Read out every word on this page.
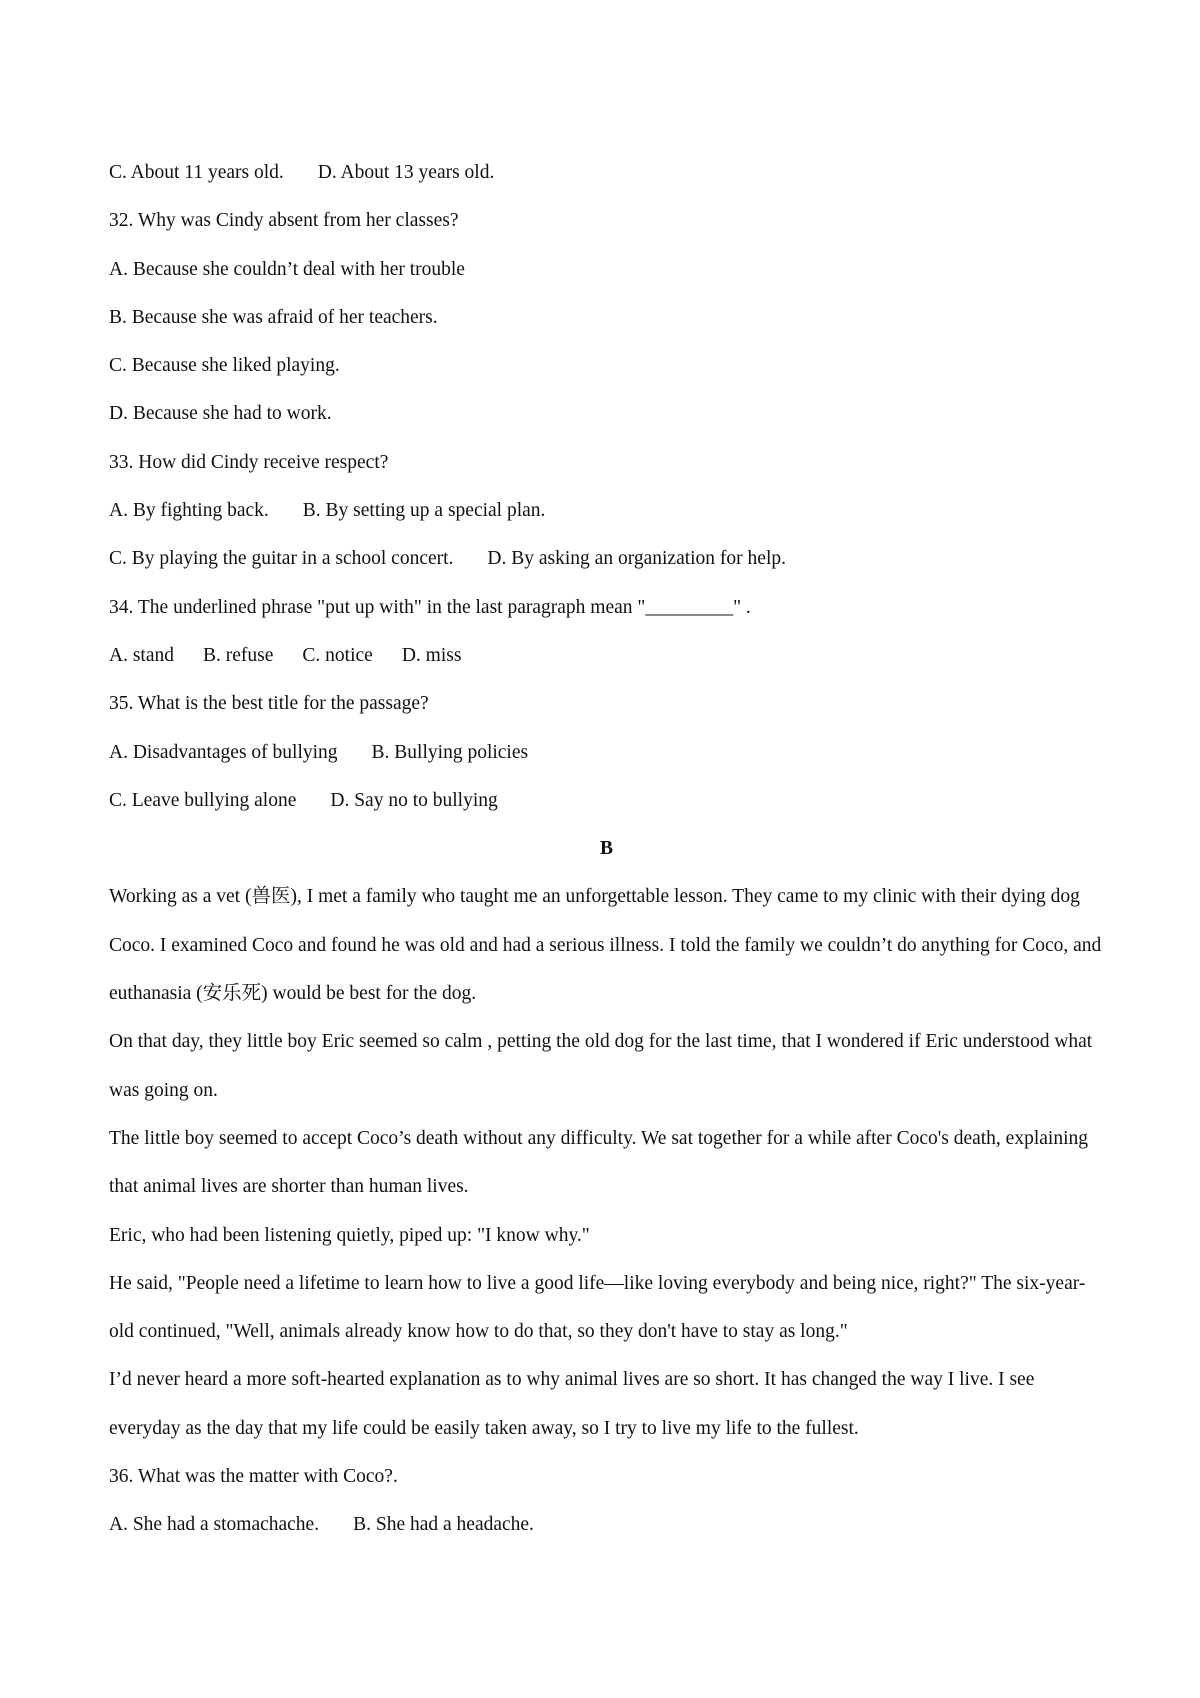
C. About 11 years old. D. About 13 years old.
32. Why was Cindy absent from her classes?
A. Because she couldn’t deal with her trouble
B. Because she was afraid of her teachers.
C. Because she liked playing.
D. Because she had to work.
33. How did Cindy receive respect?
A. By fighting back. B. By setting up a special plan.
C. By playing the guitar in a school concert. D. By asking an organization for help.
34. The underlined phrase "put up with" in the last paragraph mean "_________" .
A. stand B. refuse C. notice D. miss
35. What is the best title for the passage?
A. Disadvantages of bullying B. Bullying policies
C. Leave bullying alone D. Say no to bullying
B

Working as a vet (兽医), I met a family who taught me an unforgettable lesson. They came to my clinic with their dying dog Coco. I examined Coco and found he was old and had a serious illness. I told the family we couldn’t do anything for Coco, and euthanasia (安乐死) would be best for the dog.

On that day, they little boy Eric seemed so calm , petting the old dog for the last time, that I wondered if Eric understood what was going on.

The little boy seemed to accept Coco’s death without any difficulty. We sat together for a while after Coco's death, explaining that animal lives are shorter than human lives.

Eric, who had been listening quietly, piped up: "I know why."

He said, "People need a lifetime to learn how to live a good life—like loving everybody and being nice, right?" The six-year-old continued, "Well, animals already know how to do that, so they don't have to stay as long."

I’d never heard a more soft-hearted explanation as to why animal lives are so short. It has changed the way I live. I see everyday as the day that my life could be easily taken away, so I try to live my life to the fullest.

36. What was the matter with Coco?.
A. She had a stomachache. B. She had a headache.
